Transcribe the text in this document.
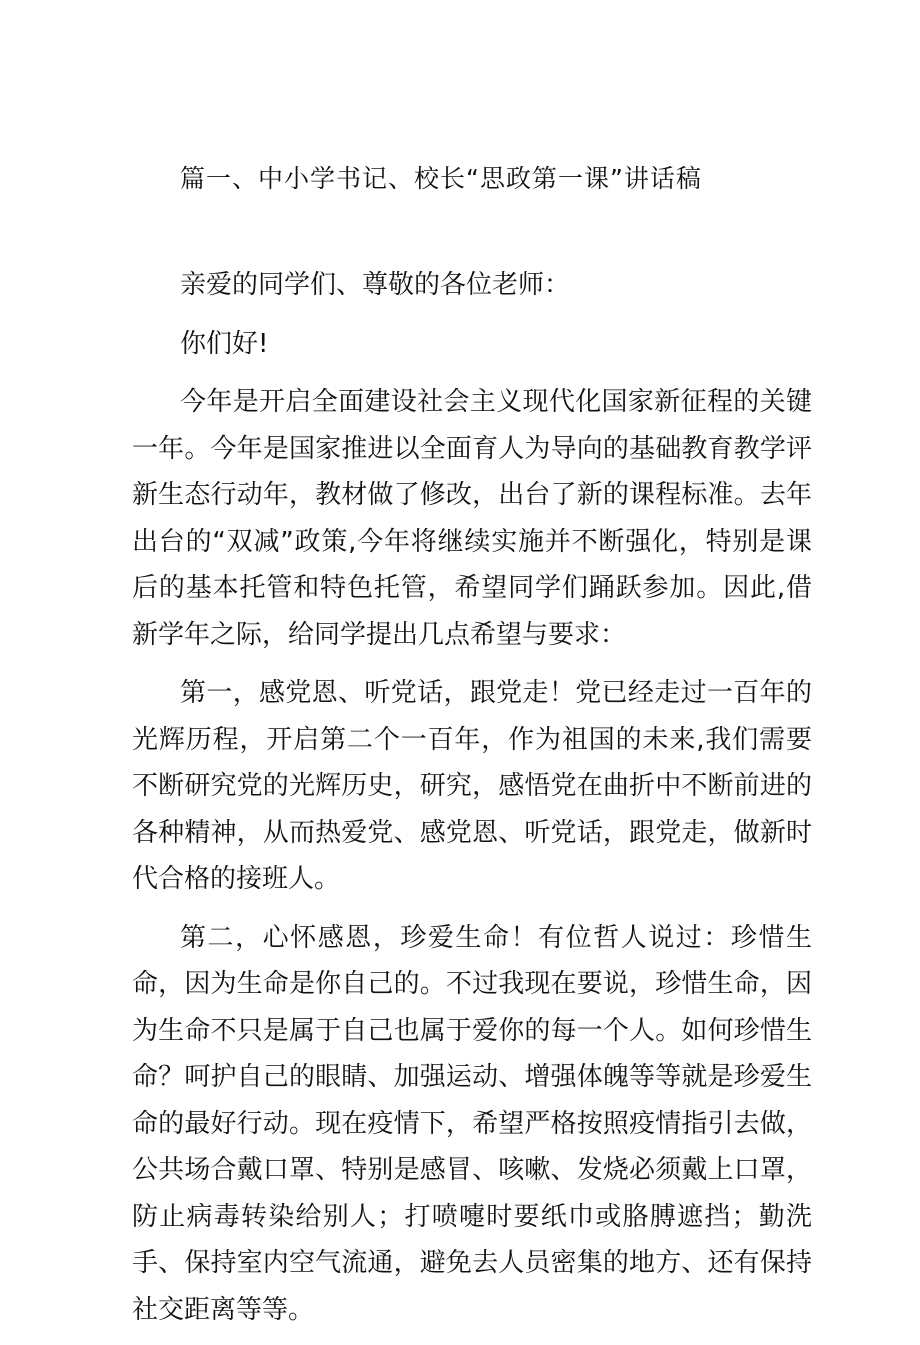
篇一、中小学书记、校长“思政第一课”讲话稿

亲爱的同学们、尊敬的各位老师：

你们好!

今年是开启全面建设社会主义现代化国家新征程的关键一年。今年是国家推进以全面育人为导向的基础教育教学评新生态行动年，教材做了修改，出台了新的课程标准。去年出台的“双减”政策,今年将继续实施并不断强化，特别是课后的基本托管和特色托管，希望同学们踊跃参加。因此,借新学年之际，给同学提出几点希望与要求：

第一，感党恩、听党话，跟党走！党已经走过一百年的光辉历程，开启第二个一百年，作为祖国的未来,我们需要不断研究党的光辉历史，研究，感悟党在曲折中不断前进的各种精神，从而热爱党、感党恩、听党话，跟党走，做新时代合格的接班人。

第二，心怀感恩，珍爱生命！有位哲人说过：珍惜生命，因为生命是你自己的。不过我现在要说，珍惜生命，因为生命不只是属于自己也属于爱你的每一个人。如何珍惜生命？呵护自己的眼睛、加强运动、增强体魄等等就是珍爱生命的最好行动。现在疫情下，希望严格按照疫情指引去做，公共场合戴口罩、特别是感冒、咳嗽、发烧必须戴上口罩，防止病毒转染给别人；打喷嚏时要纸巾或胳膊遮挡；勤洗手、保持室内空气流通，避免去人员密集的地方、还有保持社交距离等等。
